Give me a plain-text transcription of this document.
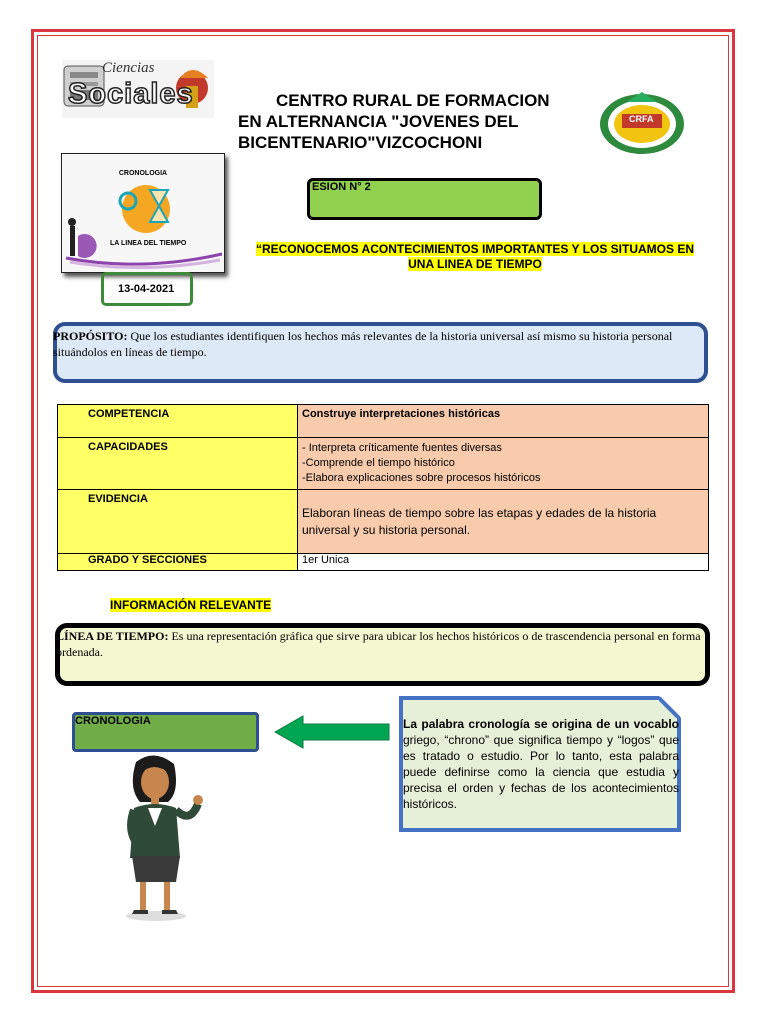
Ciencias
Sociales	CENTRO RURAL DE FORMACION
EN ALTERNANCIA "JOVENES DEL
BICENTENARIO"VIZCOCHONI
CRFA
CRONOLOGIA
LA LINEA DEL TIEMPO
ESION N° 2
“RECONOCEMOS ACONTECIMIENTOS IMPORTANTES Y LOS SITUAMOS EN
UNA LINEA DE TIEMPO
13-04-2021
PROPÓSITO: Que los estudiantes identifiquen los hechos más relevantes de la historia universal así mismo su historia personal situándolos en líneas de tiempo.
COMPETENCIA	Construye interpretaciones históricas
CAPACIDADES	- Interpreta críticamente fuentes diversas
-Comprende el tiempo histórico
-Elabora explicaciones sobre procesos históricos

EVIDENCIA	Elaboran líneas de tiempo sobre las etapas y edades de la historia universal y su historia personal.
GRADO Y SECCIONES	1er Unica
INFORMACIÓN RELEVANTE
LÍNEA DE TIEMPO: Es una representación gráfica que sirve para ubicar los hechos históricos o de trascendencia personal en forma ordenada.
CRONOLOGIA	La palabra cronología se origina de un vocablo griego, “chrono” que significa tiempo y “logos” que es tratado o estudio. Por lo tanto, esta palabra puede definirse como la ciencia que estudia y precisa el orden y fechas de los acontecimientos históricos.
